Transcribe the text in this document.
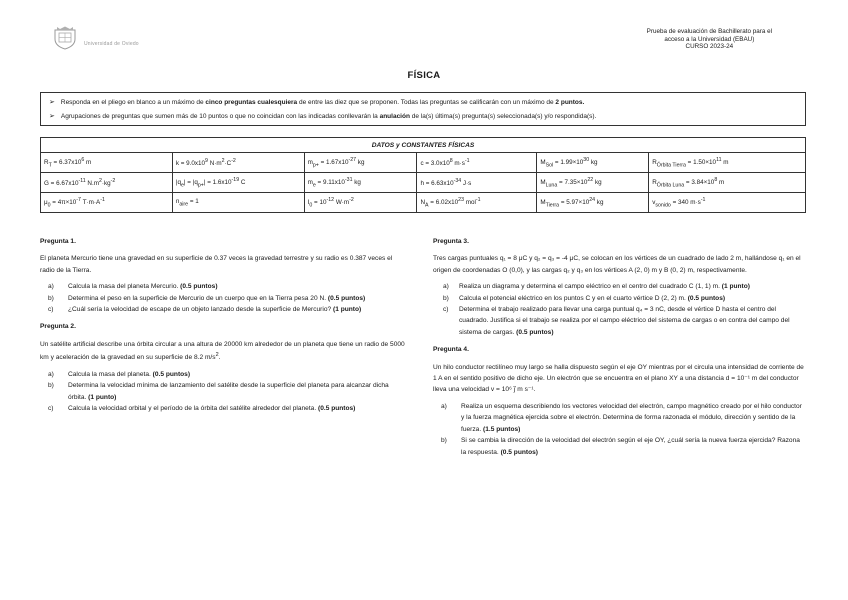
Universidad de Oviedo
Prueba de evaluación de Bachillerato para el
acceso a la Universidad (EBAU)
CURSO 2023-24
FÍSICA
➢ Responda en el pliego en blanco a un máximo de cinco preguntas cualesquiera de entre las diez que se proponen. Todas las preguntas se calificarán con un máximo de 2 puntos.
➢ Agrupaciones de preguntas que sumen más de 10 puntos o que no coincidan con las indicadas conllevarán la anulación de la(s) última(s) pregunta(s) seleccionada(s) y/o respondida(s).
DATOS y CONSTANTES FÍSICAS					
$R_T = 6.37x10^6$ m	$k = 9.0x10^9$ $N\cdot m^2\cdot C^{-2}$	$m_{p+} = 1.67x10^{-27}$ kg	$c = 3.0x10^8$ $m\cdot s^{-1}$	$M_{Sol} = 1.99\times 10^{30}$ kg	$R_{Órbita Tierra} = 1.50\times 10^{11}$ m
$G = 6.67x10^{-11}$ $N.m^2\cdot kg^{-2}$	$|q_e| = |q_{p+}| = 1.6x10^{-19}$ C	$m_e = 9.11x10^{-31}$ kg	$h = 6.63x10^{-34}$ J·s	$M_{Luna} = 7.35\times 10^{22}$ kg	$R_{Órbita Luna} = 3.84\times 10^8$ m
$\mu_0 = 4\pi\times 10^{-7}$ $T\cdot m\cdot A^{-1}$	$n_{aire} = 1$	$I_0 = 10^{-12}$ $W\cdot m^{-2}$	$N_A = 6.02x10^{23}$ mol$^{-1}$	$M_{Tierra} = 5.97\times 10^{24}$ kg	$v_{sonido} = 340$ $m\cdot s^{-1}$
Pregunta 1.
El planeta Mercurio tiene una gravedad en su superficie de 0.37 veces la gravedad terrestre y su radio es 0.387 veces el radio de la Tierra.
a)	Calcula la masa del planeta Mercurio. (0.5 puntos)
b)	Determina el peso en la superficie de Mercurio de un cuerpo que en la Tierra pesa 20 N. (0.5 puntos)
c)	¿Cuál sería la velocidad de escape de un objeto lanzado desde la superficie de Mercurio? (1 punto)
Pregunta 2.
Un satélite artificial describe una órbita circular a una altura de 20000 km alrededor de un planeta que tiene un radio de 5000 km y aceleración de la gravedad en su superficie de 8.2 $m/s^2$.
a)	Calcula la masa del planeta. (0.5 puntos)
b)	Determina la velocidad mínima de lanzamiento del satélite desde la superficie del planeta para alcanzar dicha órbita. (1 punto)
c)	Calcula la velocidad orbital y el período de la órbita del satélite alrededor del planeta. (0.5 puntos)
Pregunta 3.
Tres cargas puntuales q₁ = 8 μC y q₂ = q₃ = -4 μC, se colocan en los vértices de un cuadrado de lado 2 m, hallándose q₁ en el origen de coordenadas O (0,0), y las cargas q₂ y q₃ en los vértices A (2, 0) m y B (0, 2) m, respectivamente.
a)	Realiza un diagrama y determina el campo eléctrico en el centro del cuadrado C (1, 1) m. (1 punto)
b)	Calcula el potencial eléctrico en los puntos C y en el cuarto vértice D (2, 2) m. (0.5 puntos)
c)	Determina el trabajo realizado para llevar una carga puntual q₄ = 3 nC, desde el vértice D hasta el centro del cuadrado. Justifica si el trabajo se realiza por el campo eléctrico del sistema de cargas o en contra del campo del sistema de cargas. (0.5 puntos)
Pregunta 4.
Un hilo conductor rectilíneo muy largo se halla dispuesto según el eje OY mientras por el circula una intensidad de corriente de 1 A en el sentido positivo de dicho eje. Un electrón que se encuentra en el plano XY a una distancia d = 10⁻¹ m del conductor lleva una velocidad v = 10⁶ j⃗ m s⁻¹.
a)	Realiza un esquema describiendo los vectores velocidad del electrón, campo magnético creado por el hilo conductor y la fuerza magnética ejercida sobre el electrón. Determina de forma razonada el módulo, dirección y sentido de la fuerza. (1.5 puntos)
b)	Si se cambia la dirección de la velocidad del electrón según el eje OY, ¿cuál sería la nueva fuerza ejercida? Razona la respuesta. (0.5 puntos)
